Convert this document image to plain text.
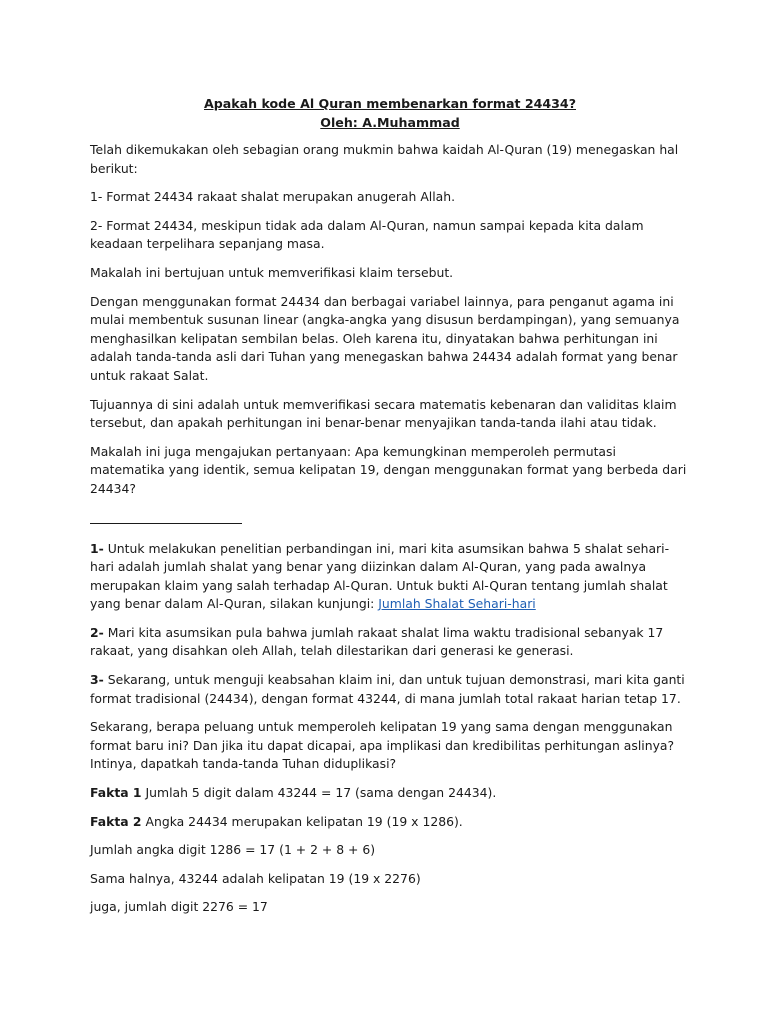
Apakah kode Al Quran membenarkan format 24434?
Oleh: A.Muhammad

Telah dikemukakan oleh sebagian orang mukmin bahwa kaidah Al-Quran (19) menegaskan hal berikut:

1- Format 24434 rakaat shalat merupakan anugerah Allah.

2- Format 24434, meskipun tidak ada dalam Al-Quran, namun sampai kepada kita dalam keadaan terpelihara sepanjang masa.

Makalah ini bertujuan untuk memverifikasi klaim tersebut.

Dengan menggunakan format 24434 dan berbagai variabel lainnya, para penganut agama ini mulai membentuk susunan linear (angka-angka yang disusun berdampingan), yang semuanya menghasilkan kelipatan sembilan belas. Oleh karena itu, dinyatakan bahwa perhitungan ini adalah tanda-tanda asli dari Tuhan yang menegaskan bahwa 24434 adalah format yang benar untuk rakaat Salat.

Tujuannya di sini adalah untuk memverifikasi secara matematis kebenaran dan validitas klaim tersebut, dan apakah perhitungan ini benar-benar menyajikan tanda-tanda ilahi atau tidak.

Makalah ini juga mengajukan pertanyaan: Apa kemungkinan memperoleh permutasi matematika yang identik, semua kelipatan 19, dengan menggunakan format yang berbeda dari 24434?

1- Untuk melakukan penelitian perbandingan ini, mari kita asumsikan bahwa 5 shalat sehari-hari adalah jumlah shalat yang benar yang diizinkan dalam Al-Quran, yang pada awalnya merupakan klaim yang salah terhadap Al-Quran. Untuk bukti Al-Quran tentang jumlah shalat yang benar dalam Al-Quran, silakan kunjungi: Jumlah Shalat Sehari-hari

2- Mari kita asumsikan pula bahwa jumlah rakaat shalat lima waktu tradisional sebanyak 17 rakaat, yang disahkan oleh Allah, telah dilestarikan dari generasi ke generasi.

3- Sekarang, untuk menguji keabsahan klaim ini, dan untuk tujuan demonstrasi, mari kita ganti format tradisional (24434), dengan format 43244, di mana jumlah total rakaat harian tetap 17.

Sekarang, berapa peluang untuk memperoleh kelipatan 19 yang sama dengan menggunakan format baru ini? Dan jika itu dapat dicapai, apa implikasi dan kredibilitas perhitungan aslinya? Intinya, dapatkah tanda-tanda Tuhan diduplikasi?

Fakta 1 Jumlah 5 digit dalam 43244 = 17 (sama dengan 24434).

Fakta 2 Angka 24434 merupakan kelipatan 19 (19 x 1286).

Jumlah angka digit 1286 = 17 (1 + 2 + 8 + 6)

Sama halnya, 43244 adalah kelipatan 19 (19 x 2276)

juga, jumlah digit 2276 = 17
